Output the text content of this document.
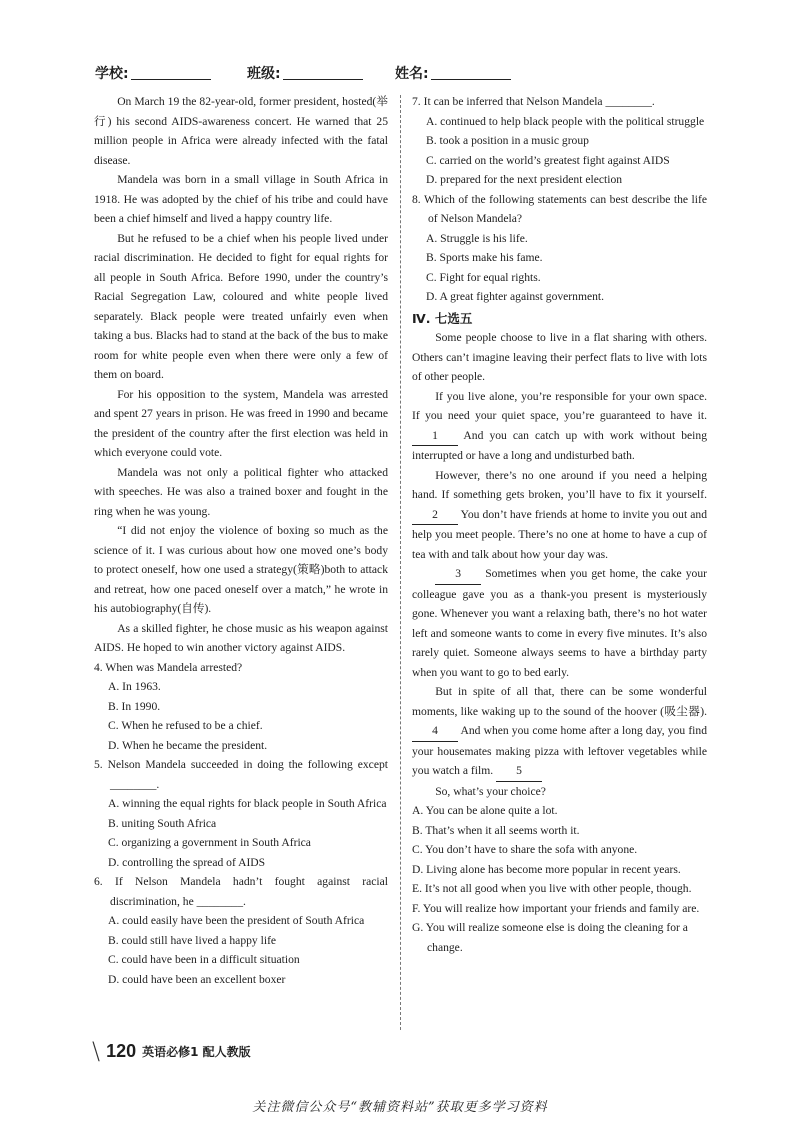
学校:	班级:	姓名:

On March 19 the 82-year-old, former president, hosted(举行) his second AIDS-awareness concert. He warned that 25 million people in Africa were already infected with the fatal disease.

Mandela was born in a small village in South Africa in 1918. He was adopted by the chief of his tribe and could have been a chief himself and lived a happy country life.

But he refused to be a chief when his people lived under racial discrimination. He decided to fight for equal rights for all people in South Africa. Before 1990, under the country’s Racial Segregation Law, coloured and white people lived separately. Black people were treated unfairly even when taking a bus. Blacks had to stand at the back of the bus to make room for white people even when there were only a few of them on board.

For his opposition to the system, Mandela was arrested and spent 27 years in prison. He was freed in 1990 and became the president of the country after the first election was held in which everyone could vote.

Mandela was not only a political fighter who attacked with speeches. He was also a trained boxer and fought in the ring when he was young.

“I did not enjoy the violence of boxing so much as the science of it. I was curious about how one moved one’s body to protect oneself, how one used a strategy(策略)both to attack and retreat, how one paced oneself over a match,” he wrote in his autobiography(自传).

As a skilled fighter, he chose music as his weapon against AIDS. He hoped to win another victory against AIDS.

4. When was Mandela arrested?

A. In 1963.
B. In 1990.
C. When he refused to be a chief.
D. When he became the president.

5. Nelson Mandela succeeded in doing the following except ________.

A. winning the equal rights for black people in South Africa
B. uniting South Africa
C. organizing a government in South Africa
D. controlling the spread of AIDS

6. If Nelson Mandela hadn’t fought against racial discrimination, he ________.

A. could easily have been the president of South Africa
B. could still have lived a happy life
C. could have been in a difficult situation
D. could have been an excellent boxer

7. It can be inferred that Nelson Mandela ________.

A. continued to help black people with the political struggle
B. took a position in a music group
C. carried on the world’s greatest fight against AIDS
D. prepared for the next president election

8. Which of the following statements can best describe the life of Nelson Mandela?

A. Struggle is his life.
B. Sports make his fame.
C. Fight for equal rights.
D. A great fighter against government.

Ⅳ. 七选五

Some people choose to live in a flat sharing with others. Others can’t imagine leaving their perfect flats to live with lots of other people.

If you live alone, you’re responsible for your own space. If you need your quiet space, you’re guaranteed to have it. 1 And you can catch up with work without being interrupted or have a long and undisturbed bath.

However, there’s no one around if you need a helping hand. If something gets broken, you’ll have to fix it yourself. 2 You don’t have friends at home to invite you out and help you meet people. There’s no one at home to have a cup of tea with and talk about how your day was.

3 Sometimes when you get home, the cake your colleague gave you as a thank-you present is mysteriously gone. Whenever you want a relaxing bath, there’s no hot water left and someone wants to come in every five minutes. It’s also rarely quiet. Someone always seems to have a birthday party when you want to go to bed early.

But in spite of all that, there can be some wonderful moments, like waking up to the sound of the hoover (吸尘器). 4 And when you come home after a long day, you find your housemates making pizza with leftover vegetables while you watch a film. 5

So, what’s your choice?

A. You can be alone quite a lot.
B. That’s when it all seems worth it.
C. You don’t have to share the sofa with anyone.
D. Living alone has become more popular in recent years.
E. It’s not all good when you live with other people, though.
F. You will realize how important your friends and family are.
G. You will realize someone else is doing the cleaning for a change.
\ 120 英语必修1 配人教版
关注微信公众号“教辅资料站”获取更多学习资料
